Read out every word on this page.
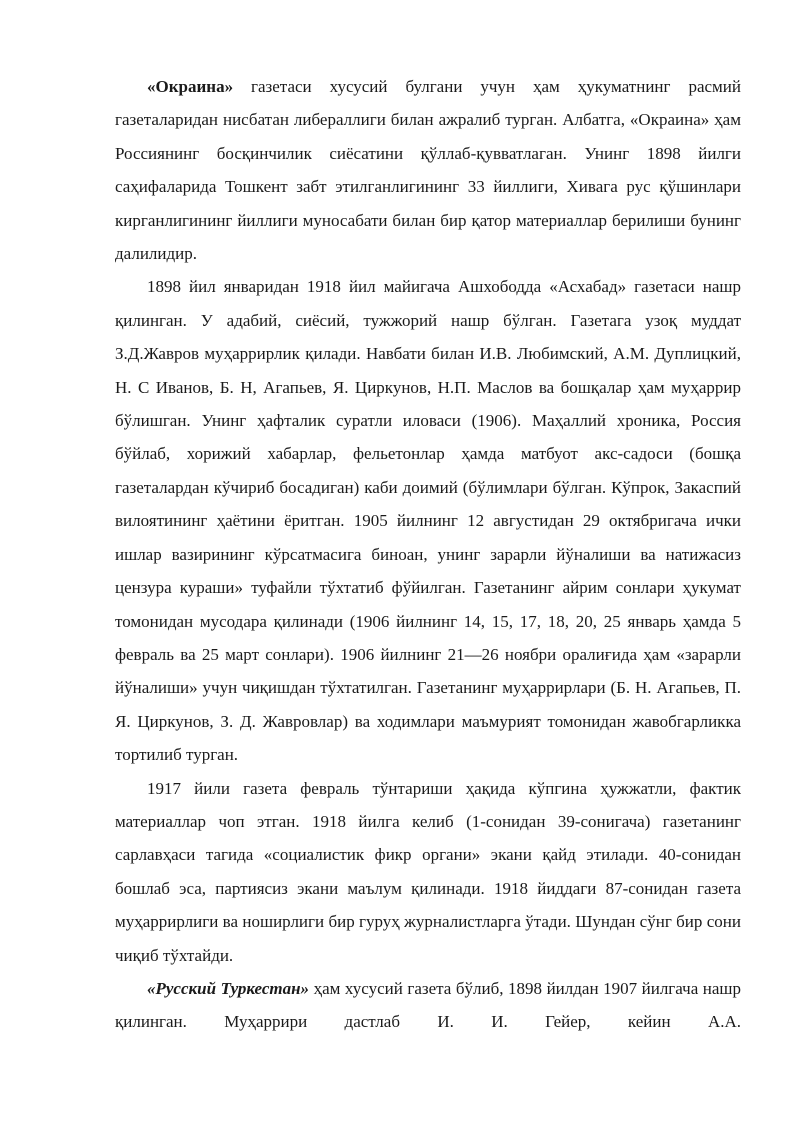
«Окраина» газетаси хусусий булгани учун ҳам ҳукуматнинг расмий газеталаридан нисбатан либераллиги билан ажралиб турган. Албатга, «Окраина» ҳам Россиянинг босқинчилик сиёсатини қўллаб-қувватлаган. Унинг 1898 йилги саҳифаларида Тошкент забт этилганлигининг 33 йиллиги, Хивага рус қўшинлари кирганлигининг йиллиги муносабати билан бир қатор материаллар берилиши бунинг далилидир.

1898 йил январидан 1918 йил майигача Ашхободда «Асхабад» газетаси нашр қилинган. У адабий, сиёсий, тужжорий нашр бўлган. Газетага узоқ муддат З.Д.Жавров муҳаррирлик қилади. Навбати билан И.В. Любимский, А.М. Дуплицкий, Н. С Иванов, Б. Н, Агапьев, Я. Циркунов, Н.П. Маслов ва бошқалар ҳам муҳаррир бўлишган. Унинг ҳафталик суратли иловаси (1906). Маҳаллий хроника, Россия бўйлаб, хорижий хабарлар, фельетонлар ҳамда матбуот акс-садоси (бошқа газеталардан кўчириб босадиган) каби доимий (бўлимлари бўлган. Кўпрок, Закаспий вилоятининг ҳаётини ёритган. 1905 йилнинг 12 августидан 29 октябригача ички ишлар вазирининг кўрсатмасига биноан, унинг зарарли йўналиши ва натижасиз цензура кураши» туфайли тўхтатиб фўйилган. Газетанинг айрим сонлари ҳукумат томонидан мусодара қилинади (1906 йилнинг 14, 15, 17, 18, 20, 25 январь ҳамда 5 февраль ва 25 март сонлари). 1906 йилнинг 21—26 ноябри оралиғида ҳам «зарарли йўналиши» учун чиқишдан тўхтатилган. Газетанинг муҳаррирлари (Б. Н. Агапьев, П. Я. Циркунов, З. Д. Жавровлар) ва ходимлари маъмурият томонидан жавобгарликка тортилиб турган.

1917 йили газета февраль тўнтариши ҳақида кўпгина ҳужжатли, фактик материаллар чоп этган. 1918 йилга келиб (1-сонидан 39-сонигача) газетанинг сарлавҳаси тагида «социалистик фикр органи» экани қайд этилади. 40-сонидан бошлаб эса, партиясиз экани маълум қилинади. 1918 йиддаги 87-сонидан газета муҳаррирлиги ва ноширлиги бир гуруҳ журналистларга ўтади. Шундан сўнг бир сони чиқиб тўхтайди.

«Русский Туркестан» ҳам хусусий газета бўлиб, 1898 йилдан 1907 йилгача нашр қилинган. Муҳаррири дастлаб И. И. Гейер, кейин А.А.
